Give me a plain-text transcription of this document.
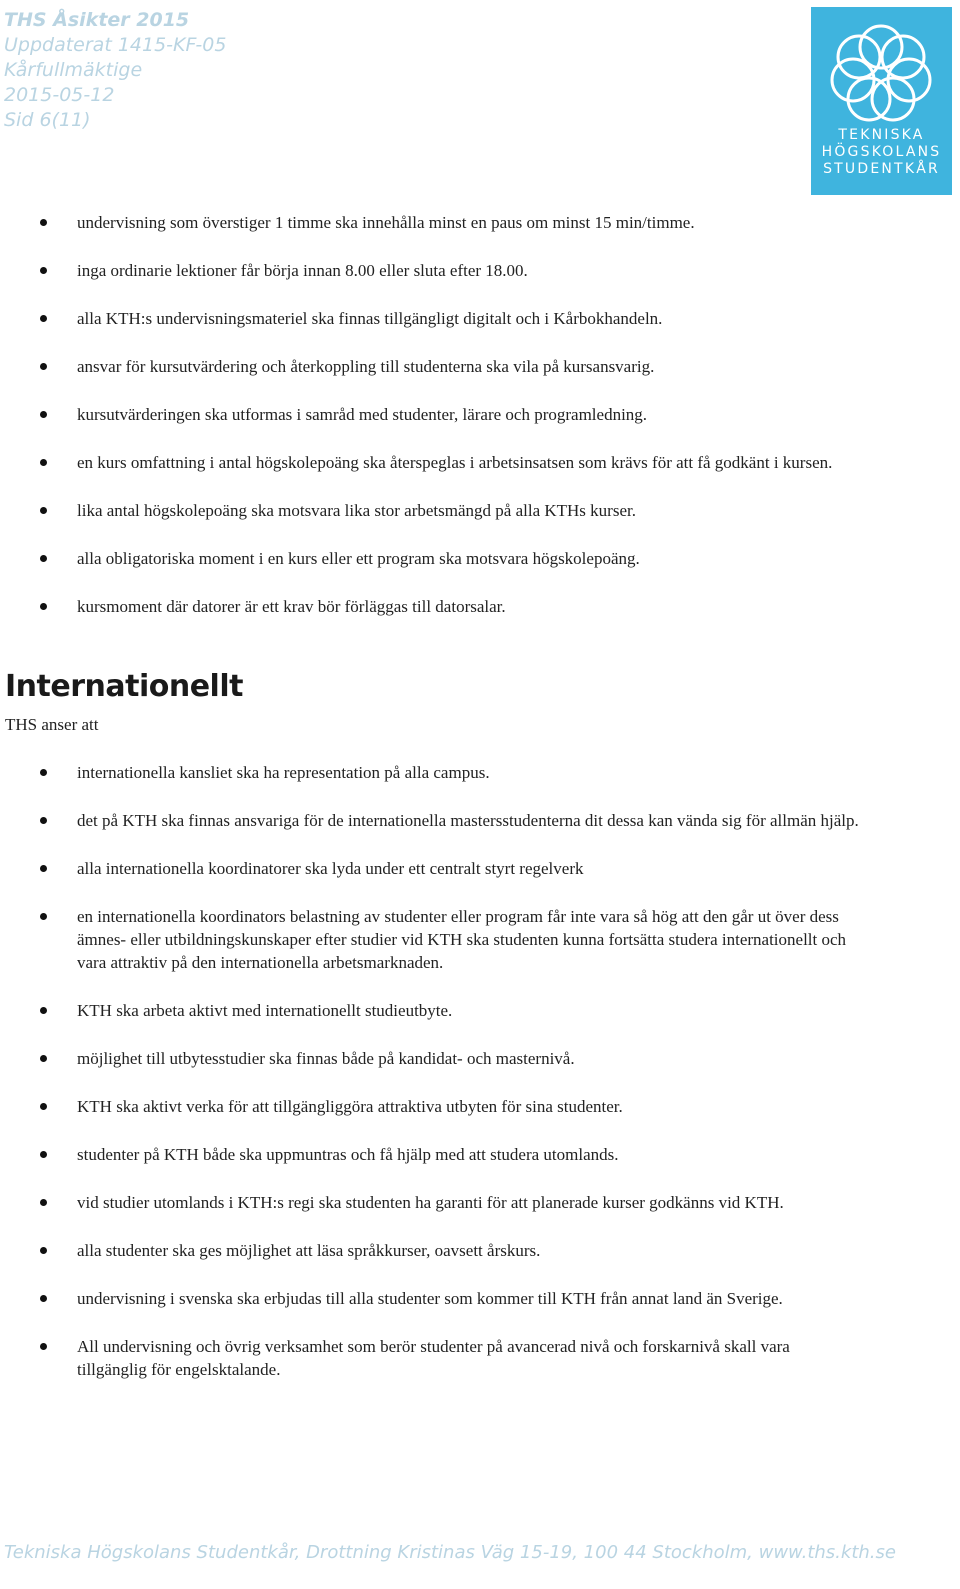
THS Åsikter 2015
Uppdaterat 1415-KF-05
Kårfullmäktige
2015-05-12
Sid 6(11)
TEKNISKA
HÖGSKOLANS
STUDENTKÅR
undervisning som överstiger 1 timme ska innehålla minst en paus om minst 15 min/timme.
inga ordinarie lektioner får börja innan 8.00 eller sluta efter 18.00.
alla KTH:s undervisningsmateriel ska finnas tillgängligt digitalt och i Kårbokhandeln.
ansvar för kursutvärdering och återkoppling till studenterna ska vila på kursansvarig.
kursutvärderingen ska utformas i samråd med studenter, lärare och programledning.
en kurs omfattning i antal högskolepoäng ska återspeglas i arbetsinsatsen som krävs för att få godkänt i kursen.
lika antal högskolepoäng ska motsvara lika stor arbetsmängd på alla KTHs kurser.
alla obligatoriska moment i en kurs eller ett program ska motsvara högskolepoäng.
kursmoment där datorer är ett krav bör förläggas till datorsalar.
Internationellt
THS anser att
internationella kansliet ska ha representation på alla campus.
det på KTH ska finnas ansvariga för de internationella mastersstudenterna dit dessa kan vända sig för allmän hjälp.
alla internationella koordinatorer ska lyda under ett centralt styrt regelverk
en internationella koordinators belastning av studenter eller program får inte vara så hög att den går ut över dess ämnes- eller utbildningskunskaper efter studier vid KTH ska studenten kunna fortsätta studera internationellt och vara attraktiv på den internationella arbetsmarknaden.
KTH ska arbeta aktivt med internationellt studieutbyte.
möjlighet till utbytesstudier ska finnas både på kandidat- och masternivå.
KTH ska aktivt verka för att tillgängliggöra attraktiva utbyten för sina studenter.
studenter på KTH både ska uppmuntras och få hjälp med att studera utomlands.
vid studier utomlands i KTH:s regi ska studenten ha garanti för att planerade kurser godkänns vid KTH.
alla studenter ska ges möjlighet att läsa språkkurser, oavsett årskurs.
undervisning i svenska ska erbjudas till alla studenter som kommer till KTH från annat land än Sverige.
All undervisning och övrig verksamhet som berör studenter på avancerad nivå och forskarnivå skall vara tillgänglig för engelsktalande.
Tekniska Högskolans Studentkår, Drottning Kristinas Väg 15-19, 100 44 Stockholm, www.ths.kth.se
